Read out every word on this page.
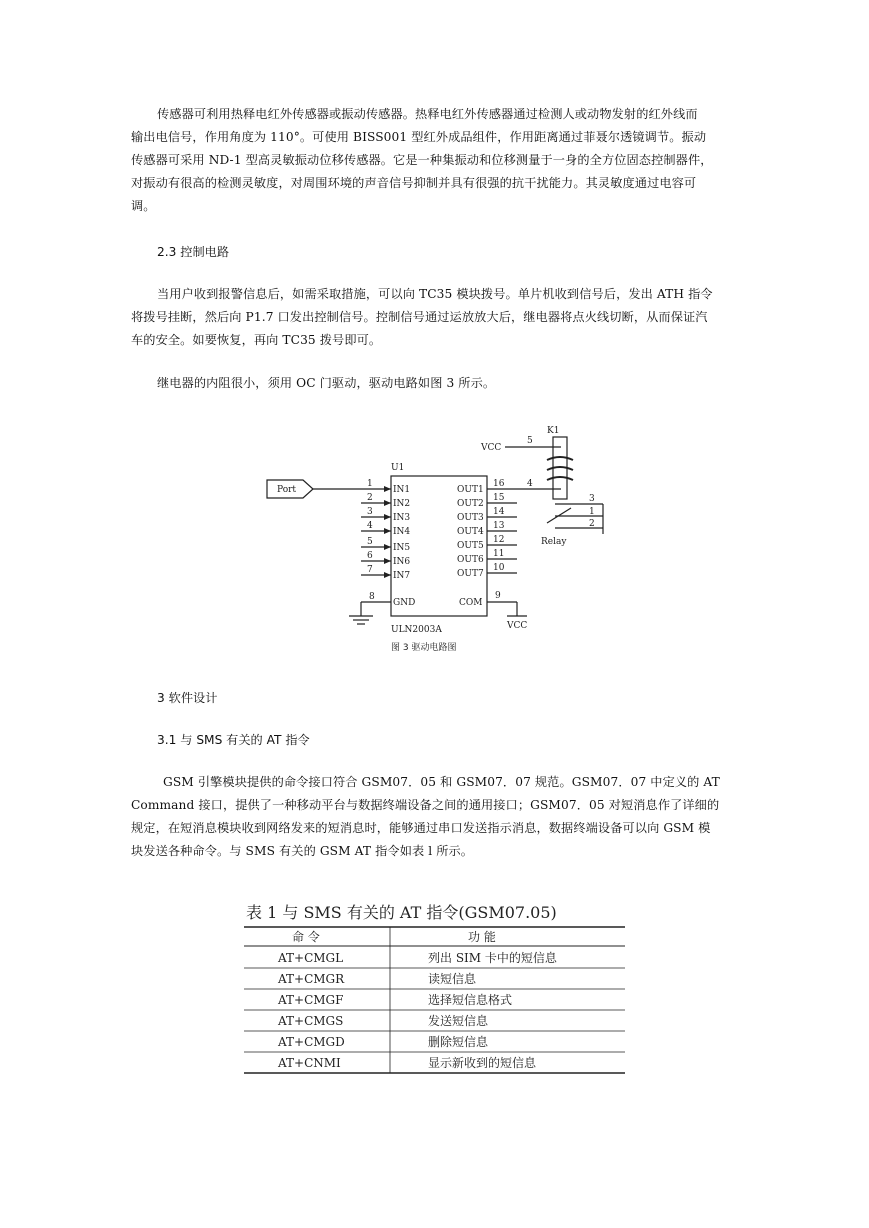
传感器可利用热释电红外传感器或振动传感器。热释电红外传感器通过检测人或动物发射的红外线而
输出电信号，作用角度为 110°。可使用 BISS001 型红外成品组件，作用距离通过菲聂尔透镜调节。振动
传感器可采用 ND-1 型高灵敏振动位移传感器。它是一种集振动和位移测量于一身的全方位固态控制器件，
对振动有很高的检测灵敏度，对周围环境的声音信号抑制并具有很强的抗干扰能力。其灵敏度通过电容可
调。

2.3 控制电路

当用户收到报警信息后，如需采取措施，可以向 TC35 模块拨号。单片机收到信号后，发出 ATH 指令
将拨号挂断，然后向 P1.7 口发出控制信号。控制信号通过运放放大后，继电器将点火线切断，从而保证汽
车的安全。如要恢复，再向 TC35 拨号即可。

继电器的内阻很小，须用 OC 门驱动，驱动电路如图 3 所示。

Port
U1
ULN2003A
1
2
3
4
5
6
7
IN1
IN2
IN3
IN4
IN5
IN6
IN7
OUT1
OUT2
OUT3
OUT4
OUT5
OUT6
OUT7
16
15
14
13
12
11
10
8
GND	COM
9
VCC
VCC
5
4
K1
3
1
2
Relay
图 3 驱动电路图

3 软件设计

3.1 与 SMS 有关的 AT 指令

GSM 引擎模块提供的命令接口符合 GSM07．05 和 GSM07．07 规范。GSM07．07 中定义的 AT
Command 接口，提供了一种移动平台与数据终端设备之间的通用接口；GSM07．05 对短消息作了详细的
规定，在短消息模块收到网络发来的短消息时，能够通过串口发送指示消息，数据终端设备可以向 GSM 模
块发送各种命令。与 SMS 有关的 GSM AT 指令如表 l 所示。

表 1 与 SMS 有关的 AT 指令(GSM07.05)
命 令	功 能
AT+CMGL	列出 SIM 卡中的短信息
AT+CMGR	读短信息
AT+CMGF	选择短信息格式
AT+CMGS	发送短信息
AT+CMGD	删除短信息
AT+CNMI	显示新收到的短信息
